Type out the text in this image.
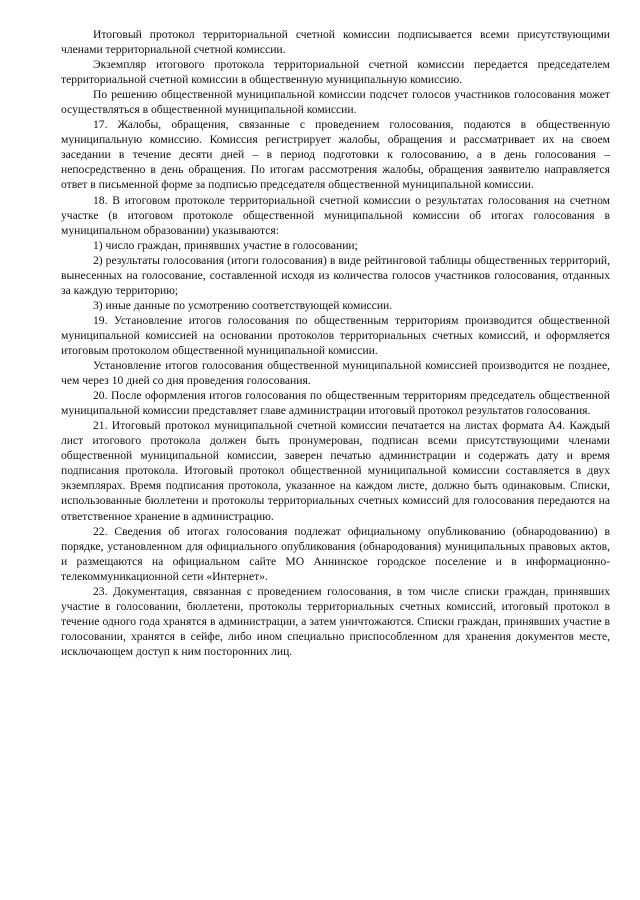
Итоговый протокол территориальной счетной комиссии подписывается всеми присутствующими членами территориальной счетной комиссии.

Экземпляр итогового протокола территориальной счетной комиссии передается председателем территориальной счетной комиссии в общественную муниципальную комиссию.

По решению общественной муниципальной комиссии подсчет голосов участников голосования может осуществляться в общественной муниципальной комиссии.

17. Жалобы, обращения, связанные с проведением голосования, подаются в общественную муниципальную комиссию. Комиссия регистрирует жалобы, обращения и рассматривает их на своем заседании в течение десяти дней – в период подготовки к голосованию, а в день голосования – непосредственно в день обращения. По итогам рассмотрения жалобы, обращения заявителю направляется ответ в письменной форме за подписью председателя общественной муниципальной комиссии.

18. В итоговом протоколе территориальной счетной комиссии о результатах голосования на счетном участке (в итоговом протоколе общественной муниципальной комиссии об итогах голосования в муниципальном образовании) указываются:

1) число граждан, принявших участие в голосовании;

2) результаты голосования (итоги голосования) в виде рейтинговой таблицы общественных территорий, вынесенных на голосование, составленной исходя из количества голосов участников голосования, отданных за каждую территорию;

3) иные данные по усмотрению соответствующей комиссии.

19. Установление итогов голосования по общественным территориям производится общественной муниципальной комиссией на основании протоколов территориальных счетных комиссий, и оформляется итоговым протоколом общественной муниципальной комиссии.

Установление итогов голосования общественной муниципальной комиссией производится не позднее, чем через 10 дней со дня проведения голосования.

20. После оформления итогов голосования по общественным территориям председатель общественной муниципальной комиссии представляет главе администрации итоговый протокол результатов голосования.

21. Итоговый протокол муниципальной счетной комиссии печатается на листах формата А4. Каждый лист итогового протокола должен быть пронумерован, подписан всеми присутствующими членами общественной муниципальной комиссии, заверен печатью администрации и содержать дату и время подписания протокола. Итоговый протокол общественной муниципальной комиссии составляется в двух экземплярах. Время подписания протокола, указанное на каждом листе, должно быть одинаковым. Списки, использованные бюллетени и протоколы территориальных счетных комиссий для голосования передаются на ответственное хранение в администрацию.

22. Сведения об итогах голосования подлежат официальному опубликованию (обнародованию) в порядке, установленном для официального опубликования (обнародования) муниципальных правовых актов, и размещаются на официальном сайте МО Аннинское городское поселение и в информационно-телекоммуникационной сети «Интернет».

23. Документация, связанная с проведением голосования, в том числе списки граждан, принявших участие в голосовании, бюллетени, протоколы территориальных счетных комиссий, итоговый протокол в течение одного года хранятся в администрации, а затем уничтожаются. Списки граждан, принявших участие в голосовании, хранятся в сейфе, либо ином специально приспособленном для хранения документов месте, исключающем доступ к ним посторонних лиц.
